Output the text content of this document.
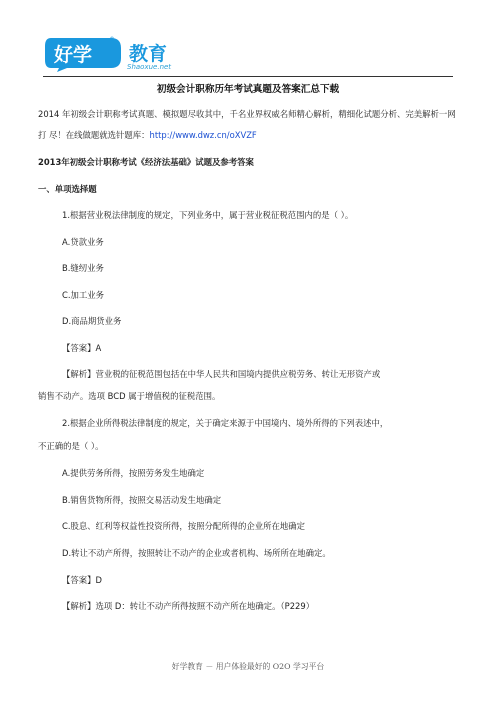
好学
®
教育
Shaoxue.net
初级会计职称历年考试真题及答案汇总下载
2014 年初级会计职称考试真题、模拟题尽收其中，千名业界权威名师精心解析，精细化试题分析、完美解析一网打 尽！在线做题就选针题库：http://www.dwz.cn/oXVZF
2013年初级会计职称考试《经济法基础》试题及参考答案
一、单项选择题
1.根据营业税法律制度的规定，下列业务中，属于营业税征税范围内的是（ ）。
A.贷款业务
B.缝纫业务
C.加工业务
D.商品期货业务
【答案】A
【解析】营业税的征税范围包括在中华人民共和国境内提供应税劳务、转让无形资产或
销售不动产。选项 BCD 属于增值税的征税范围。
2.根据企业所得税法律制度的规定，关于确定来源于中国境内、境外所得的下列表述中，
不正确的是（ ）。
A.提供劳务所得，按照劳务发生地确定
B.销售货物所得，按照交易活动发生地确定
C.股息、红利等权益性投资所得，按照分配所得的企业所在地确定
D.转让不动产所得，按照转让不动产的企业或者机构、场所所在地确定。
【答案】D
【解析】选项 D：转让不动产所得按照不动产所在地确定。（P229）
好学教育 － 用户体验最好的 O2O 学习平台
